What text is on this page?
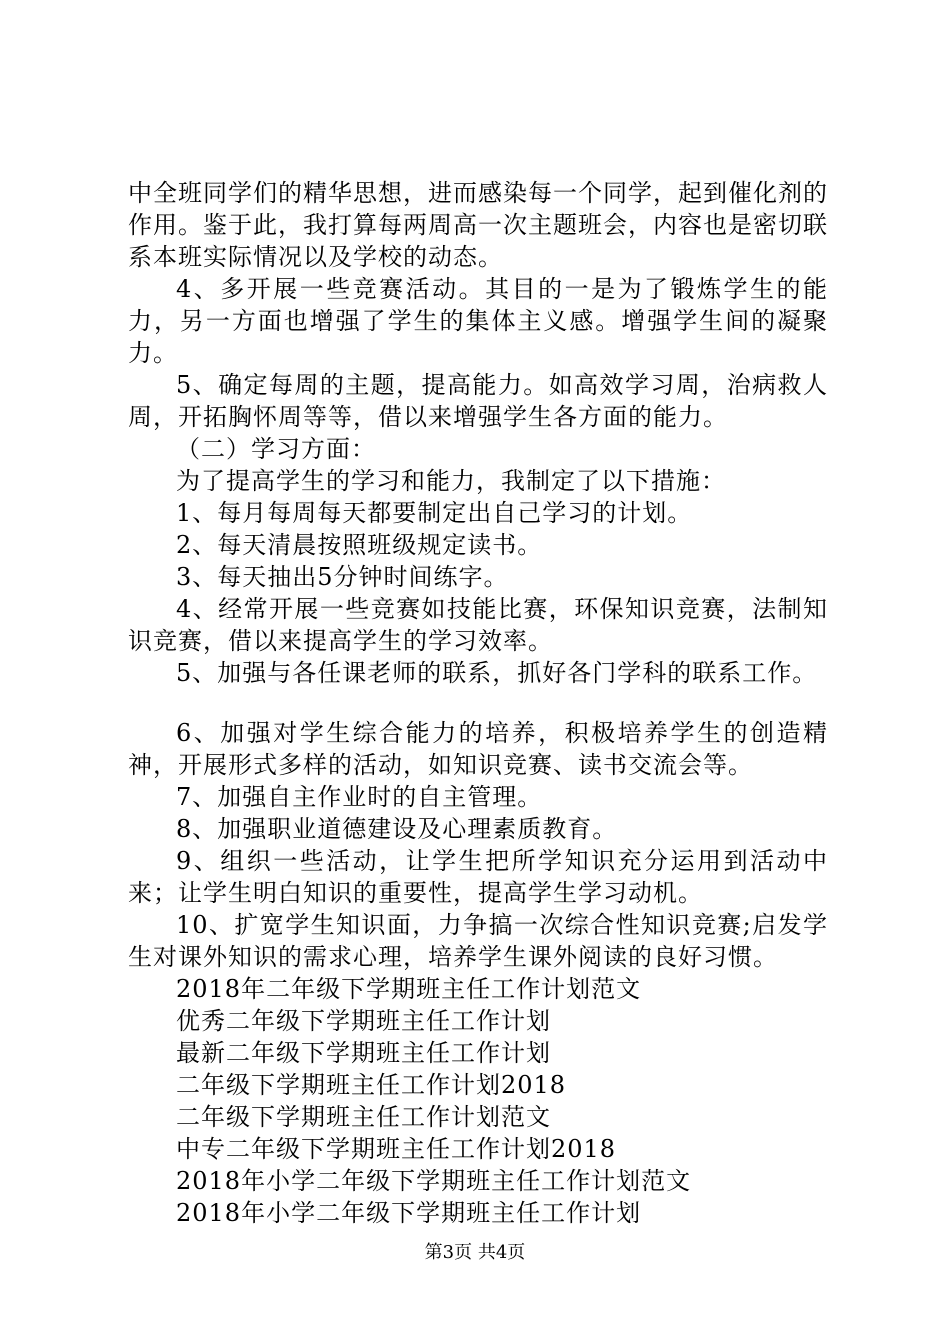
中全班同学们的精华思想，进而感染每一个同学，起到催化剂的作用。鉴于此，我打算每两周高一次主题班会，内容也是密切联系本班实际情况以及学校的动态。

4、多开展一些竞赛活动。其目的一是为了锻炼学生的能力，另一方面也增强了学生的集体主义感。增强学生间的凝聚力。

5、确定每周的主题，提高能力。如高效学习周，治病救人周，开拓胸怀周等等，借以来增强学生各方面的能力。

（二）学习方面：

为了提高学生的学习和能力，我制定了以下措施：

1、每月每周每天都要制定出自己学习的计划。

2、每天清晨按照班级规定读书。

3、每天抽出5分钟时间练字。

4、经常开展一些竞赛如技能比赛，环保知识竞赛，法制知识竞赛，借以来提高学生的学习效率。

5、加强与各任课老师的联系，抓好各门学科的联系工作。

6、加强对学生综合能力的培养，积极培养学生的创造精神，开展形式多样的活动，如知识竞赛、读书交流会等。

7、加强自主作业时的自主管理。

8、加强职业道德建设及心理素质教育。

9、组织一些活动，让学生把所学知识充分运用到活动中来；让学生明白知识的重要性，提高学生学习动机。

10、扩宽学生知识面，力争搞一次综合性知识竞赛;启发学生对课外知识的需求心理，培养学生课外阅读的良好习惯。

2018年二年级下学期班主任工作计划范文

优秀二年级下学期班主任工作计划

最新二年级下学期班主任工作计划

二年级下学期班主任工作计划2018

二年级下学期班主任工作计划范文

中专二年级下学期班主任工作计划2018

2018年小学二年级下学期班主任工作计划范文

2018年小学二年级下学期班主任工作计划

第3页 共4页
